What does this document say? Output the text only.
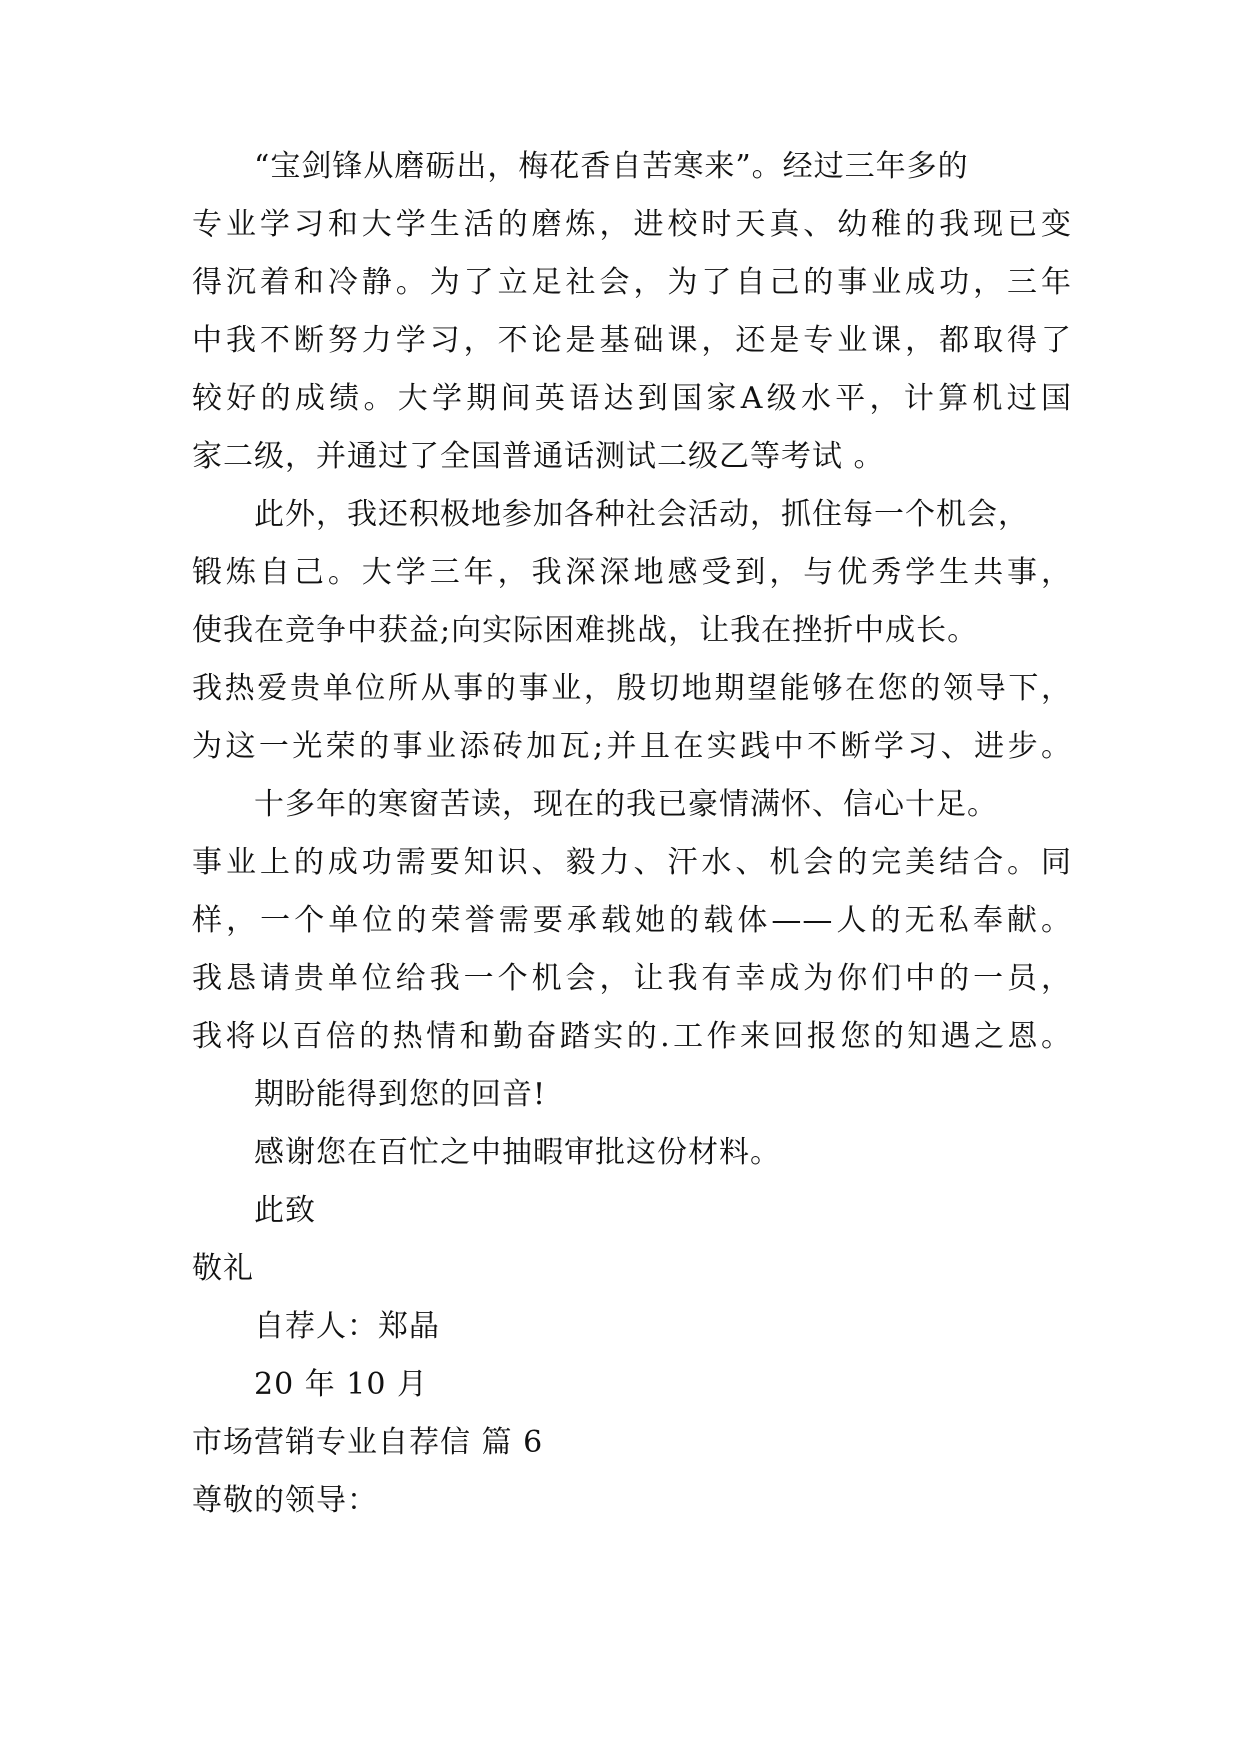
“宝剑锋从磨砺出，梅花香自苦寒来”。经过三年多的
专业学习和大学生活的磨炼，进校时天真、幼稚的我现已变
得沉着和冷静。为了立足社会，为了自己的事业成功，三年
中我不断努力学习，不论是基础课，还是专业课，都取得了
较好的成绩。大学期间英语达到国家A级水平，计算机过国
家二级，并通过了全国普通话测试二级乙等考试 。
此外，我还积极地参加各种社会活动，抓住每一个机会，
锻炼自己。大学三年，我深深地感受到，与优秀学生共事，
使我在竞争中获益;向实际困难挑战，让我在挫折中成长。
我热爱贵单位所从事的事业，殷切地期望能够在您的领导下，
为这一光荣的事业添砖加瓦;并且在实践中不断学习、进步。
十多年的寒窗苦读，现在的我已豪情满怀、信心十足。
事业上的成功需要知识、毅力、汗水、机会的完美结合。同
样，一个单位的荣誉需要承载她的载体——人的无私奉献。
我恳请贵单位给我一个机会，让我有幸成为你们中的一员，
我将以百倍的热情和勤奋踏实的.工作来回报您的知遇之恩。
期盼能得到您的回音!
感谢您在百忙之中抽暇审批这份材料。
此致
敬礼
自荐人：郑晶
20 年 10 月
市场营销专业自荐信 篇 6
尊敬的领导：
